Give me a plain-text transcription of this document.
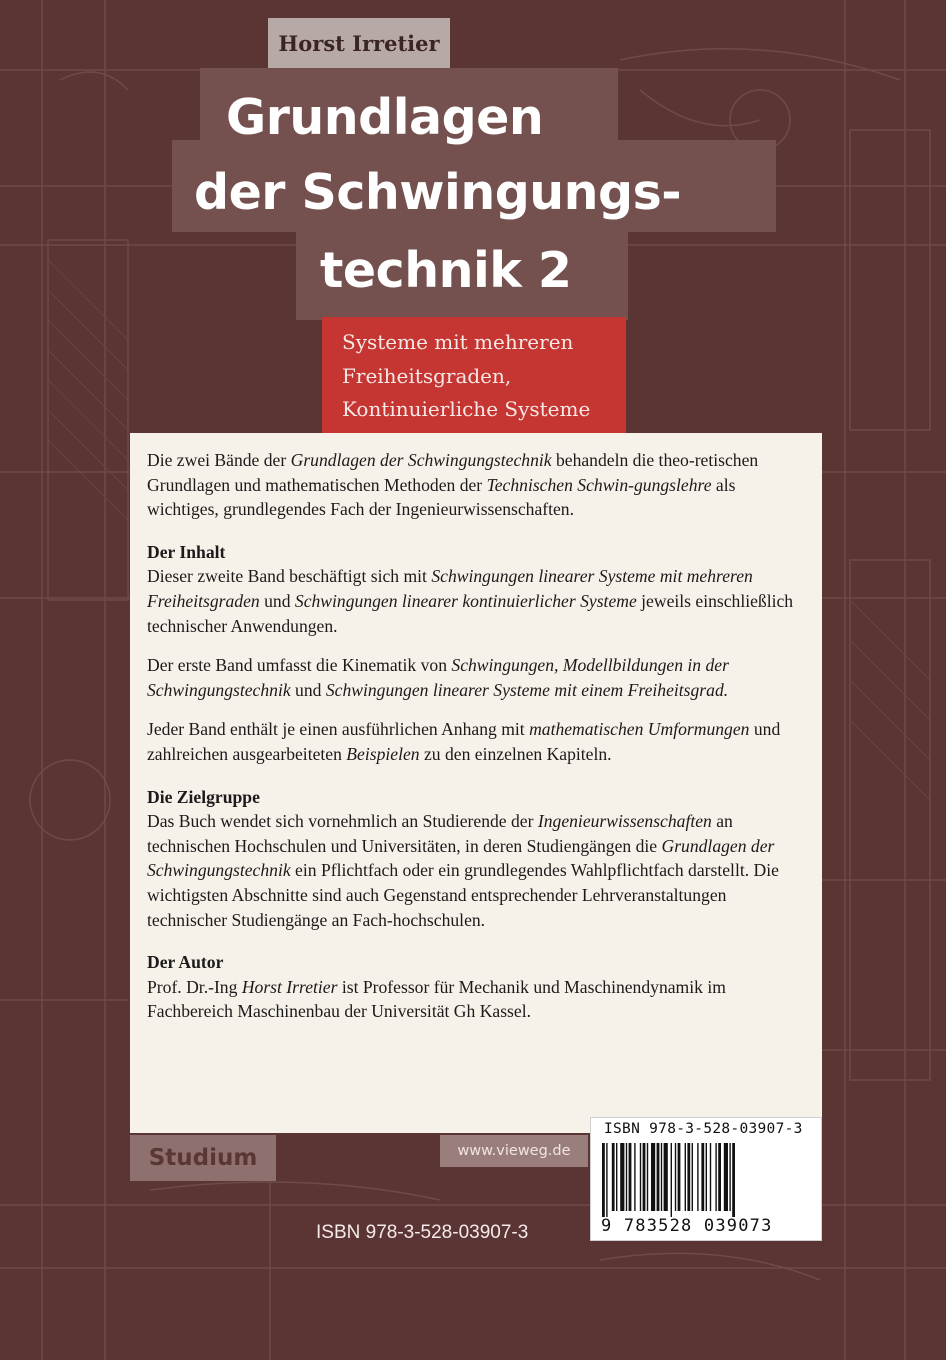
Horst Irretier
Grundlagen
der Schwingungs-
technik 2
Systeme mit mehreren
Freiheitsgraden,
Kontinuierliche Systeme

Die zwei Bände der Grundlagen der Schwingungstechnik behandeln die theo-retischen Grundlagen und mathematischen Methoden der Technischen Schwin-gungslehre als wichtiges, grundlegendes Fach der Ingenieurwissenschaften.

Der Inhalt

Dieser zweite Band beschäftigt sich mit Schwingungen linearer Systeme mit mehreren Freiheitsgraden und Schwingungen linearer kontinuierlicher Systeme jeweils einschließlich technischer Anwendungen.

Der erste Band umfasst die Kinematik von Schwingungen, Modellbildungen in der Schwingungstechnik und Schwingungen linearer Systeme mit einem Freiheitsgrad.

Jeder Band enthält je einen ausführlichen Anhang mit mathematischen Umformungen und zahlreichen ausgearbeiteten Beispielen zu den einzelnen Kapiteln.

Die Zielgruppe

Das Buch wendet sich vornehmlich an Studierende der Ingenieurwissenschaften an technischen Hochschulen und Universitäten, in deren Studiengängen die Grundlagen der Schwingungstechnik ein Pflichtfach oder ein grundlegendes Wahlpflichtfach darstellt. Die wichtigsten Abschnitte sind auch Gegenstand entsprechender Lehrveranstaltungen technischer Studiengänge an Fach-hochschulen.

Der Autor

Prof. Dr.-Ing Horst Irretier ist Professor für Mechanik und Maschinendynamik im Fachbereich Maschinenbau der Universität Gh Kassel.

Studium	www.vieweg.de
ISBN 978-3-528-03907-3
ISBN 978-3-528-03907-3
9 783528 039073
